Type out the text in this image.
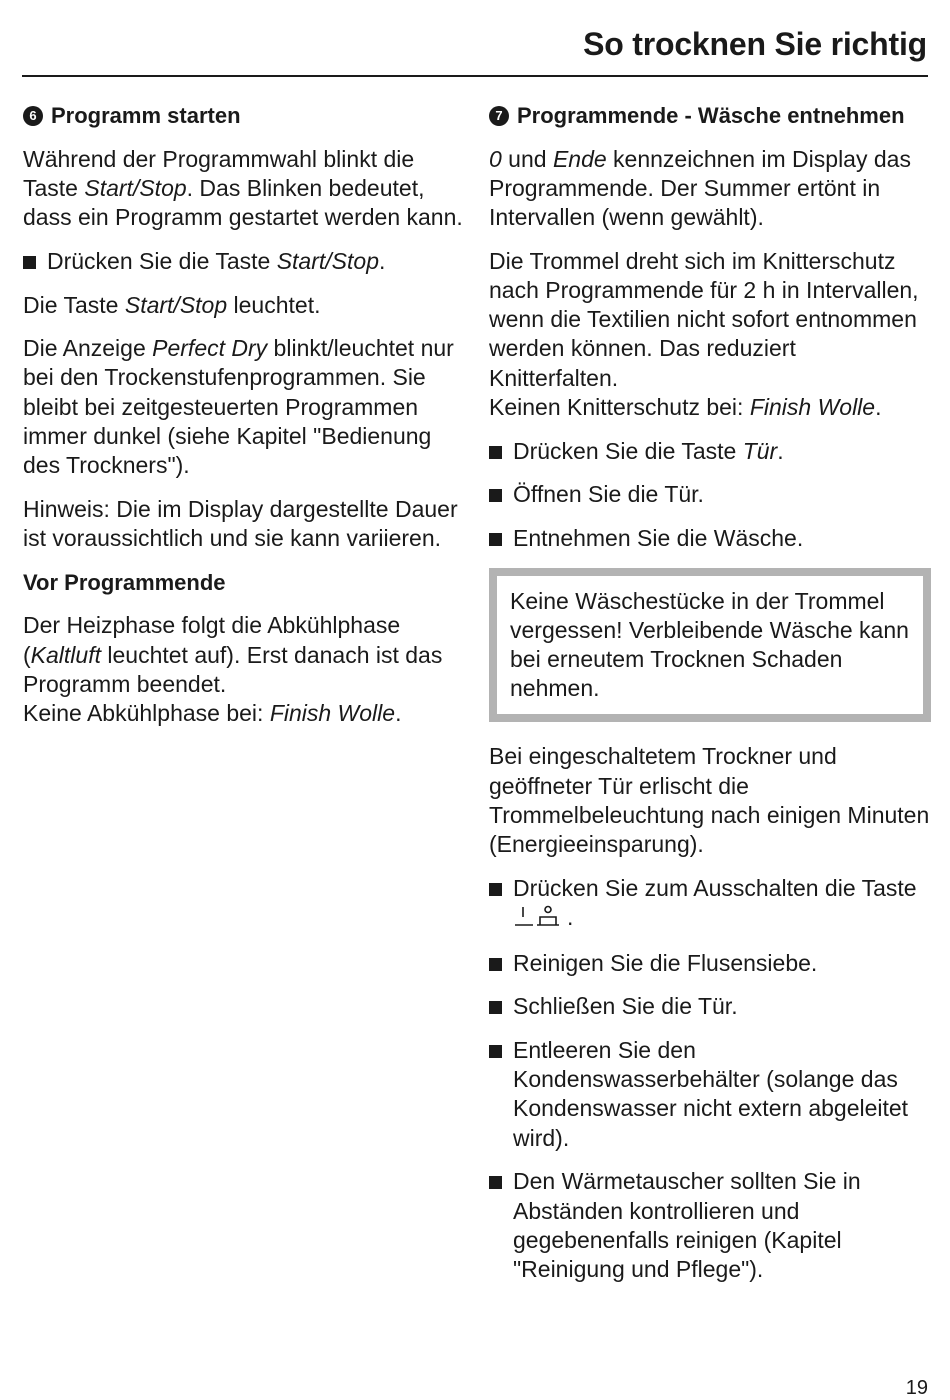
So trocknen Sie richtig
6 Programm starten

Während der Programmwahl blinkt die Taste Start/Stop. Das Blinken bedeutet, dass ein Programm gestartet werden kann.

Drücken Sie die Taste Start/Stop.

Die Taste Start/Stop leuchtet.

Die Anzeige Perfect Dry blinkt/leuchtet nur bei den Trockenstufenprogrammen. Sie bleibt bei zeitgesteuerten Programmen immer dunkel (siehe Kapitel "Bedienung des Trockners").

Hinweis: Die im Display dargestellte Dauer ist voraussichtlich und sie kann variieren.

Vor Programmende

Der Heizphase folgt die Abkühlphase (Kaltluft leuchtet auf). Erst danach ist das Programm beendet.

Keine Abkühlphase bei: Finish Wolle.

7 Programmende - Wäsche entnehmen

0 und Ende kennzeichnen im Display das Programmende. Der Summer ertönt in Intervallen (wenn gewählt).

Die Trommel dreht sich im Knitterschutz nach Programmende für 2 h in Intervallen, wenn die Textilien nicht sofort entnommen werden können. Das reduziert Knitterfalten.

Keinen Knitterschutz bei: Finish Wolle.

Drücken Sie die Taste Tür.
Öffnen Sie die Tür.
Entnehmen Sie die Wäsche.

Keine Wäschestücke in der Trommel vergessen! Verbleibende Wäsche kann bei erneutem Trocknen Schaden nehmen.

Bei eingeschaltetem Trockner und geöffneter Tür erlischt die Trommelbeleuchtung nach einigen Minuten (Energieeinsparung).

Drücken Sie zum Ausschalten die Taste .
Reinigen Sie die Flusensiebe.
Schließen Sie die Tür.
Entleeren Sie den Kondenswasserbehälter (solange das Kondenswasser nicht extern abgeleitet wird).
Den Wärmetauscher sollten Sie in Abständen kontrollieren und gegebenenfalls reinigen (Kapitel "Reinigung und Pflege").
19
